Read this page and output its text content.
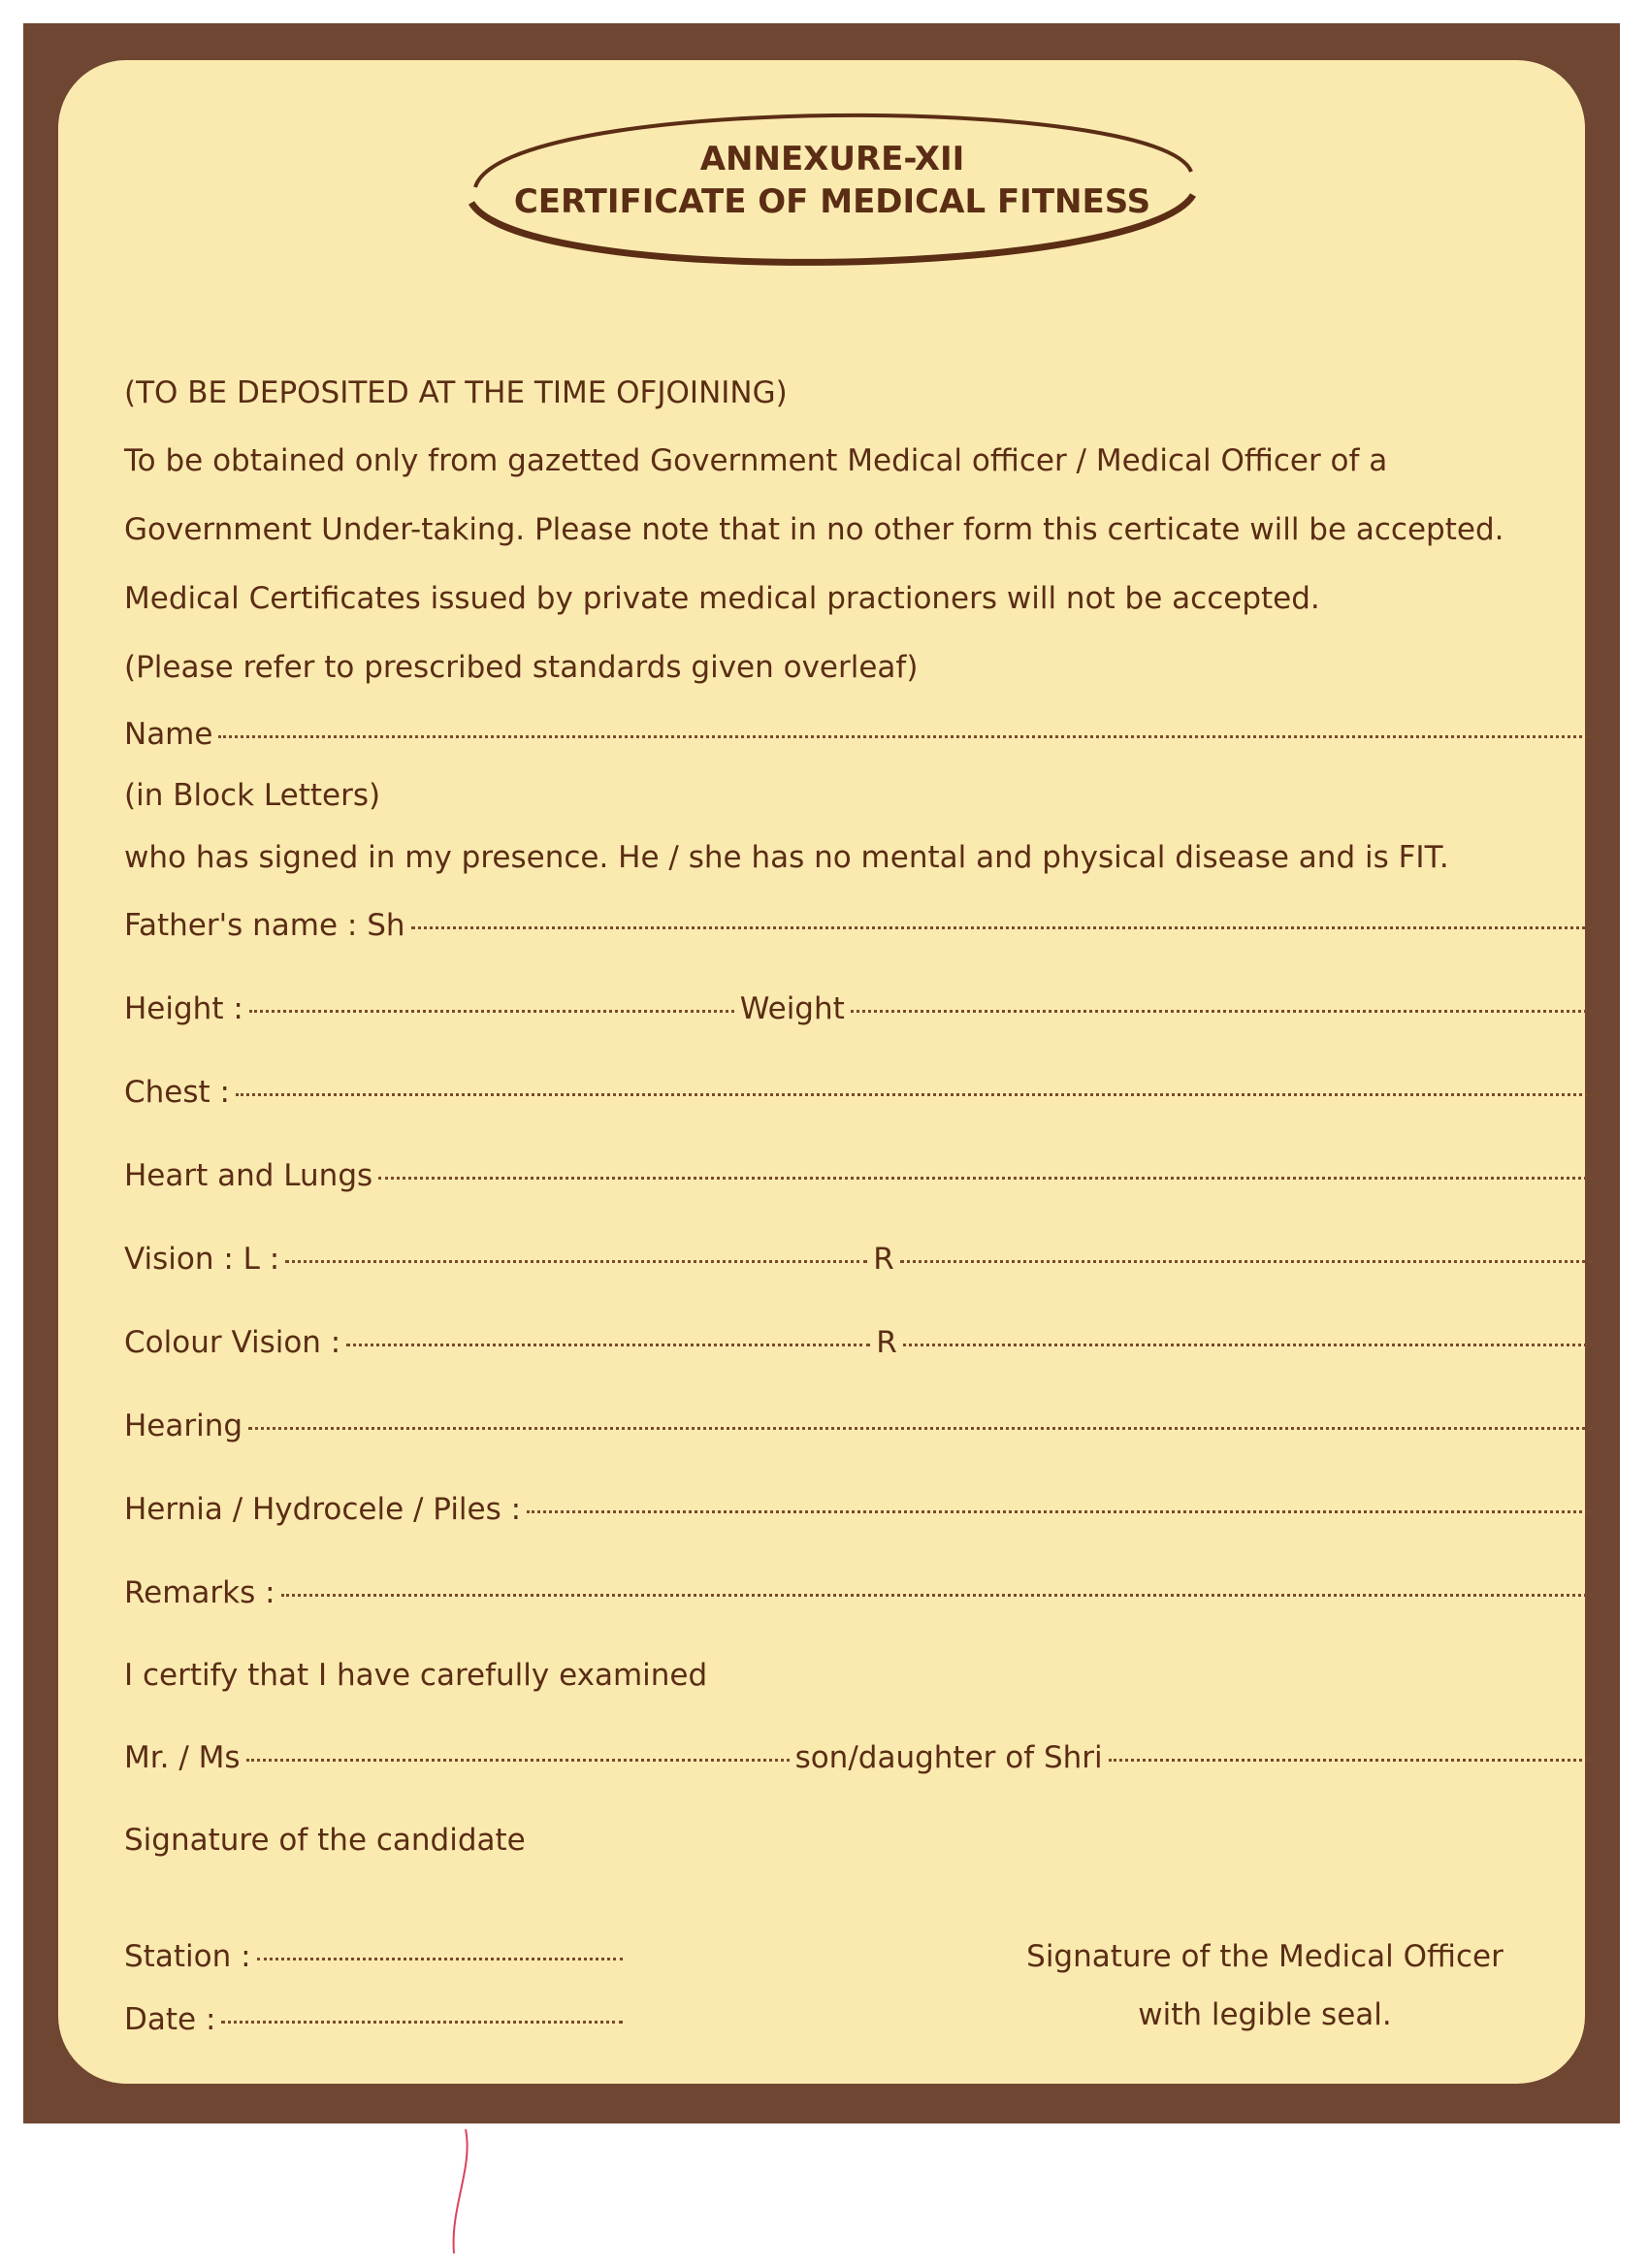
ANNEXURE-XII
CERTIFICATE OF MEDICAL FITNESS
(TO BE DEPOSITED AT THE TIME OFJOINING)
To be obtained only from gazetted Government Medical officer / Medical Officer of a
Government Under-taking. Please note that in no other form this certicate will be accepted.
Medical Certificates issued by private medical practioners will not be accepted.
(Please refer to prescribed standards given overleaf)
Name
(in Block Letters)
who has signed in my presence. He / she has no mental and physical disease and is FIT.
Father's name : Sh
Height :	Weight
Chest :
Heart and Lungs
Vision : L :	R
Colour Vision :	R
Hearing
Hernia / Hydrocele / Piles :
Remarks :
I certify that I have carefully examined
Mr. / Ms	son/daughter of Shri
Signature of the candidate
Station :
Date :
Signature of the Medical Officer
with legible seal.
